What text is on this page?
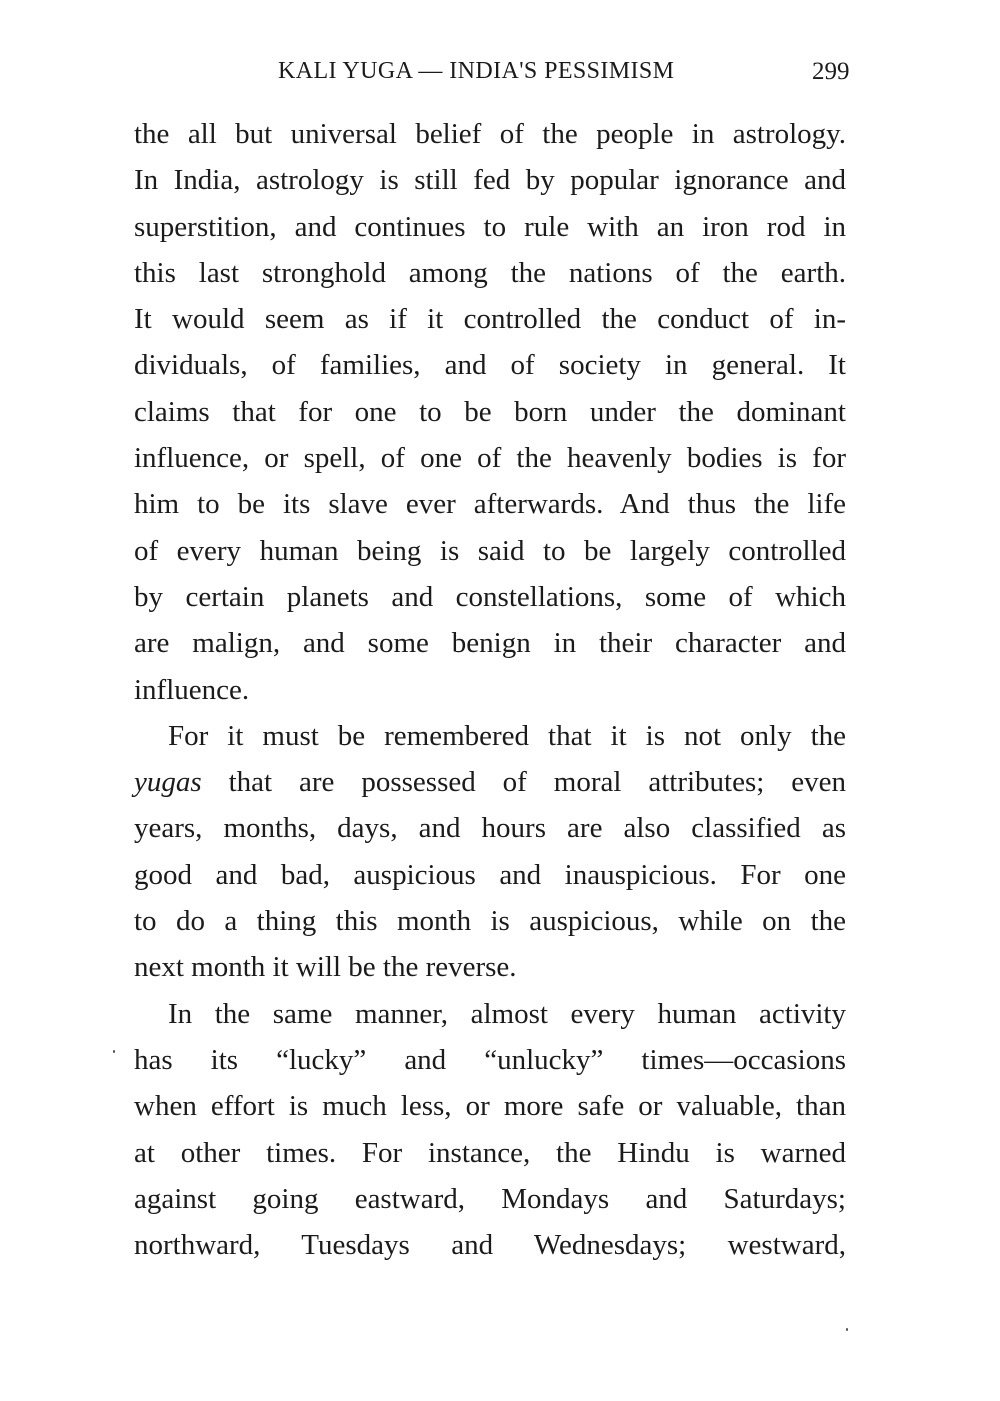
KALI YUGA — INDIA'S PESSIMISM	299

the all but universal belief of the people in astrology.
In India, astrology is still fed by popular ignorance and
superstition, and continues to rule with an iron rod in
this last stronghold among the nations of the earth.
It would seem as if it controlled the conduct of in-
dividuals, of families, and of society in general. It
claims that for one to be born under the dominant
influence, or spell, of one of the heavenly bodies is for
him to be its slave ever afterwards. And thus the life
of every human being is said to be largely controlled
by certain planets and constellations, some of which
are malign, and some benign in their character and
influence.

For it must be remembered that it is not only the
yugas that are possessed of moral attributes; even
years, months, days, and hours are also classified as
good and bad, auspicious and inauspicious. For one
to do a thing this month is auspicious, while on the
next month it will be the reverse.

In the same manner, almost every human activity
has its “lucky” and “unlucky” times—occasions
when effort is much less, or more safe or valuable, than
at other times. For instance, the Hindu is warned
against going eastward, Mondays and Saturdays;
northward, Tuesdays and Wednesdays; westward,
